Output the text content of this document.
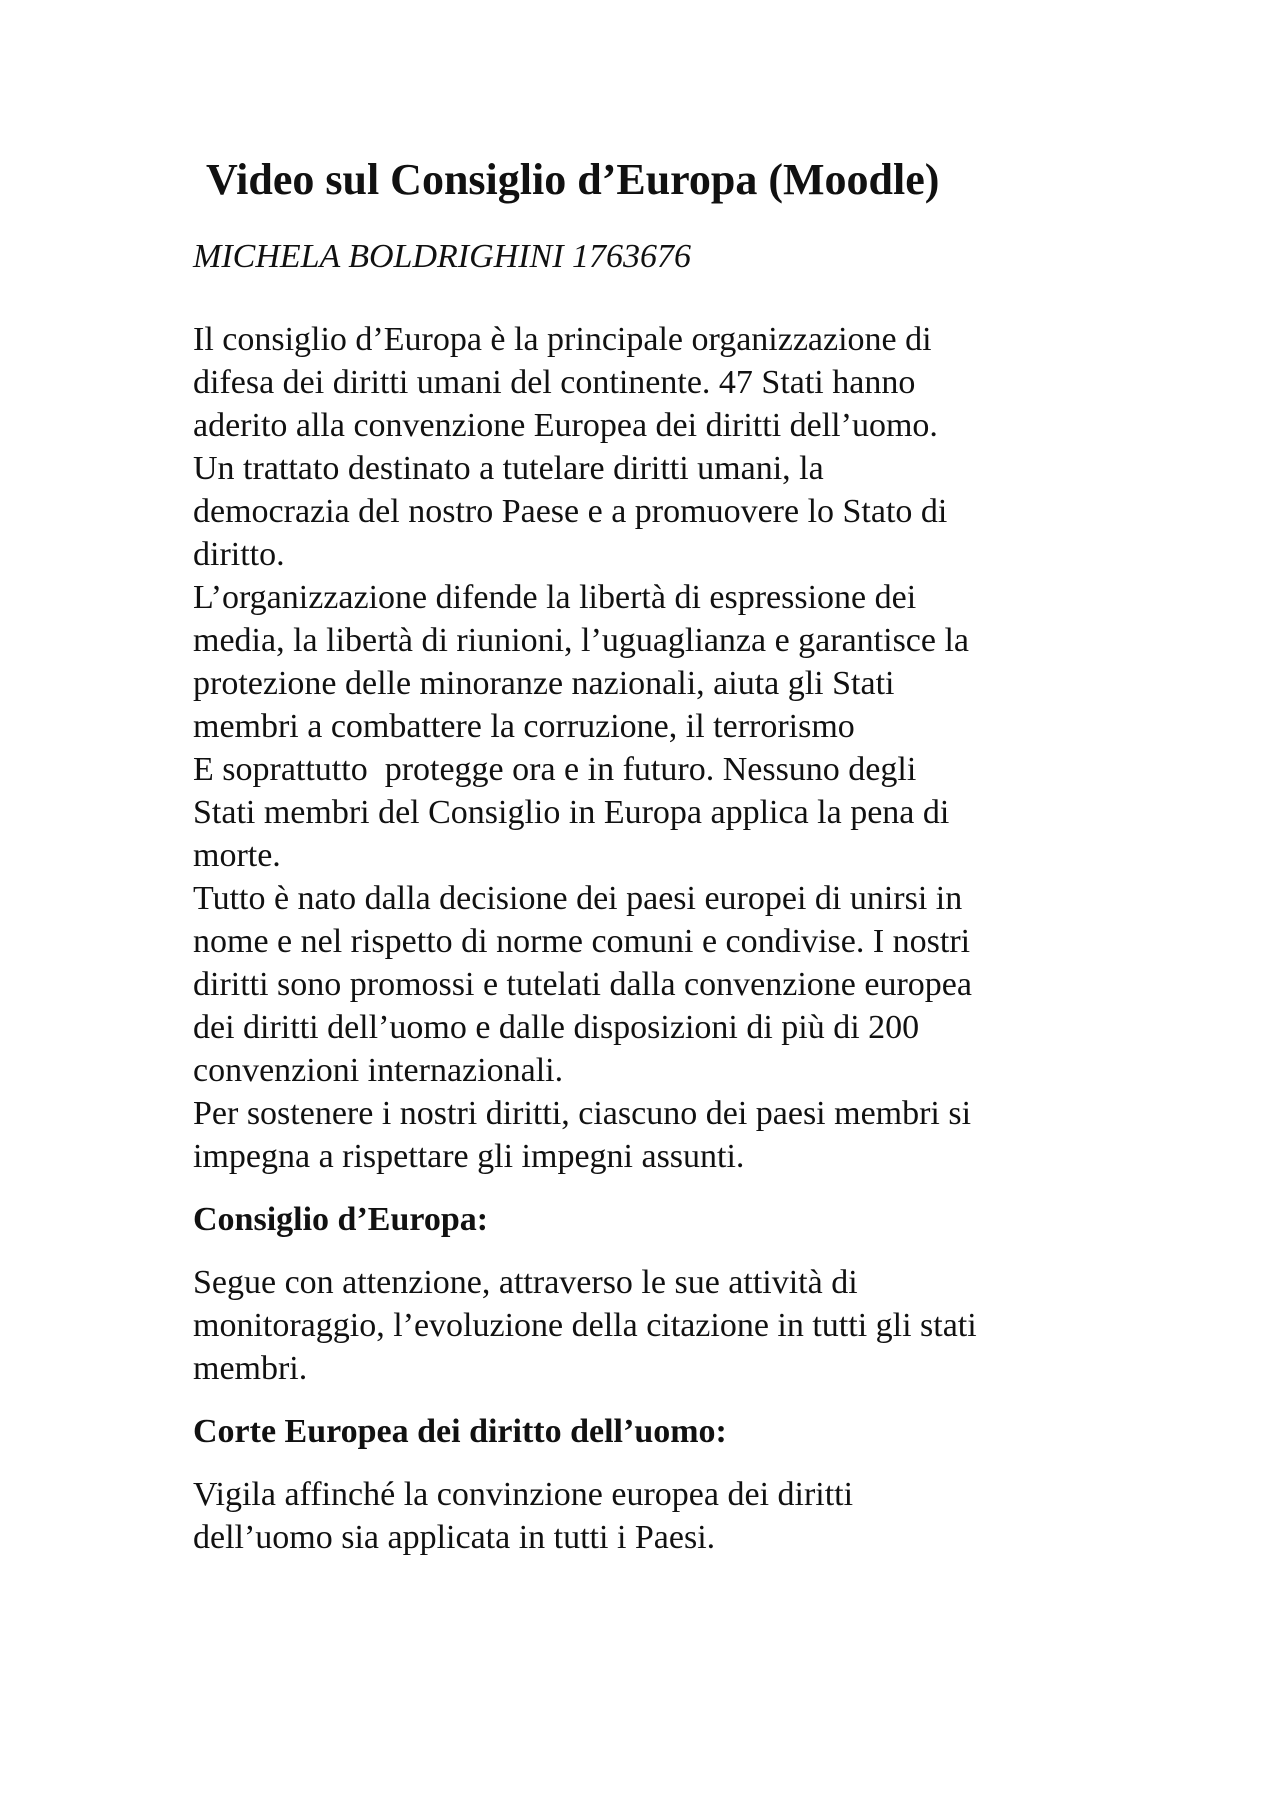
Video sul Consiglio d’Europa (Moodle)

MICHELA BOLDRIGHINI 1763676

Il consiglio d’Europa è la principale organizzazione di
difesa dei diritti umani del continente. 47 Stati hanno
aderito alla convenzione Europea dei diritti dell’uomo.
Un trattato destinato a tutelare diritti umani, la
democrazia del nostro Paese e a promuovere lo Stato di
diritto.
L’organizzazione difende la libertà di espressione dei
media, la libertà di riunioni, l’uguaglianza e garantisce la
protezione delle minoranze nazionali, aiuta gli Stati
membri a combattere la corruzione, il terrorismo
E soprattutto  protegge ora e in futuro. Nessuno degli
Stati membri del Consiglio in Europa applica la pena di
morte.
Tutto è nato dalla decisione dei paesi europei di unirsi in
nome e nel rispetto di norme comuni e condivise. I nostri
diritti sono promossi e tutelati dalla convenzione europea
dei diritti dell’uomo e dalle disposizioni di più di 200
convenzioni internazionali.
Per sostenere i nostri diritti, ciascuno dei paesi membri si
impegna a rispettare gli impegni assunti.

Consiglio d’Europa:

Segue con attenzione, attraverso le sue attività di
monitoraggio, l’evoluzione della citazione in tutti gli stati
membri.

Corte Europea dei diritto dell’uomo:

Vigila affinché la convinzione europea dei diritti
dell’uomo sia applicata in tutti i Paesi.
